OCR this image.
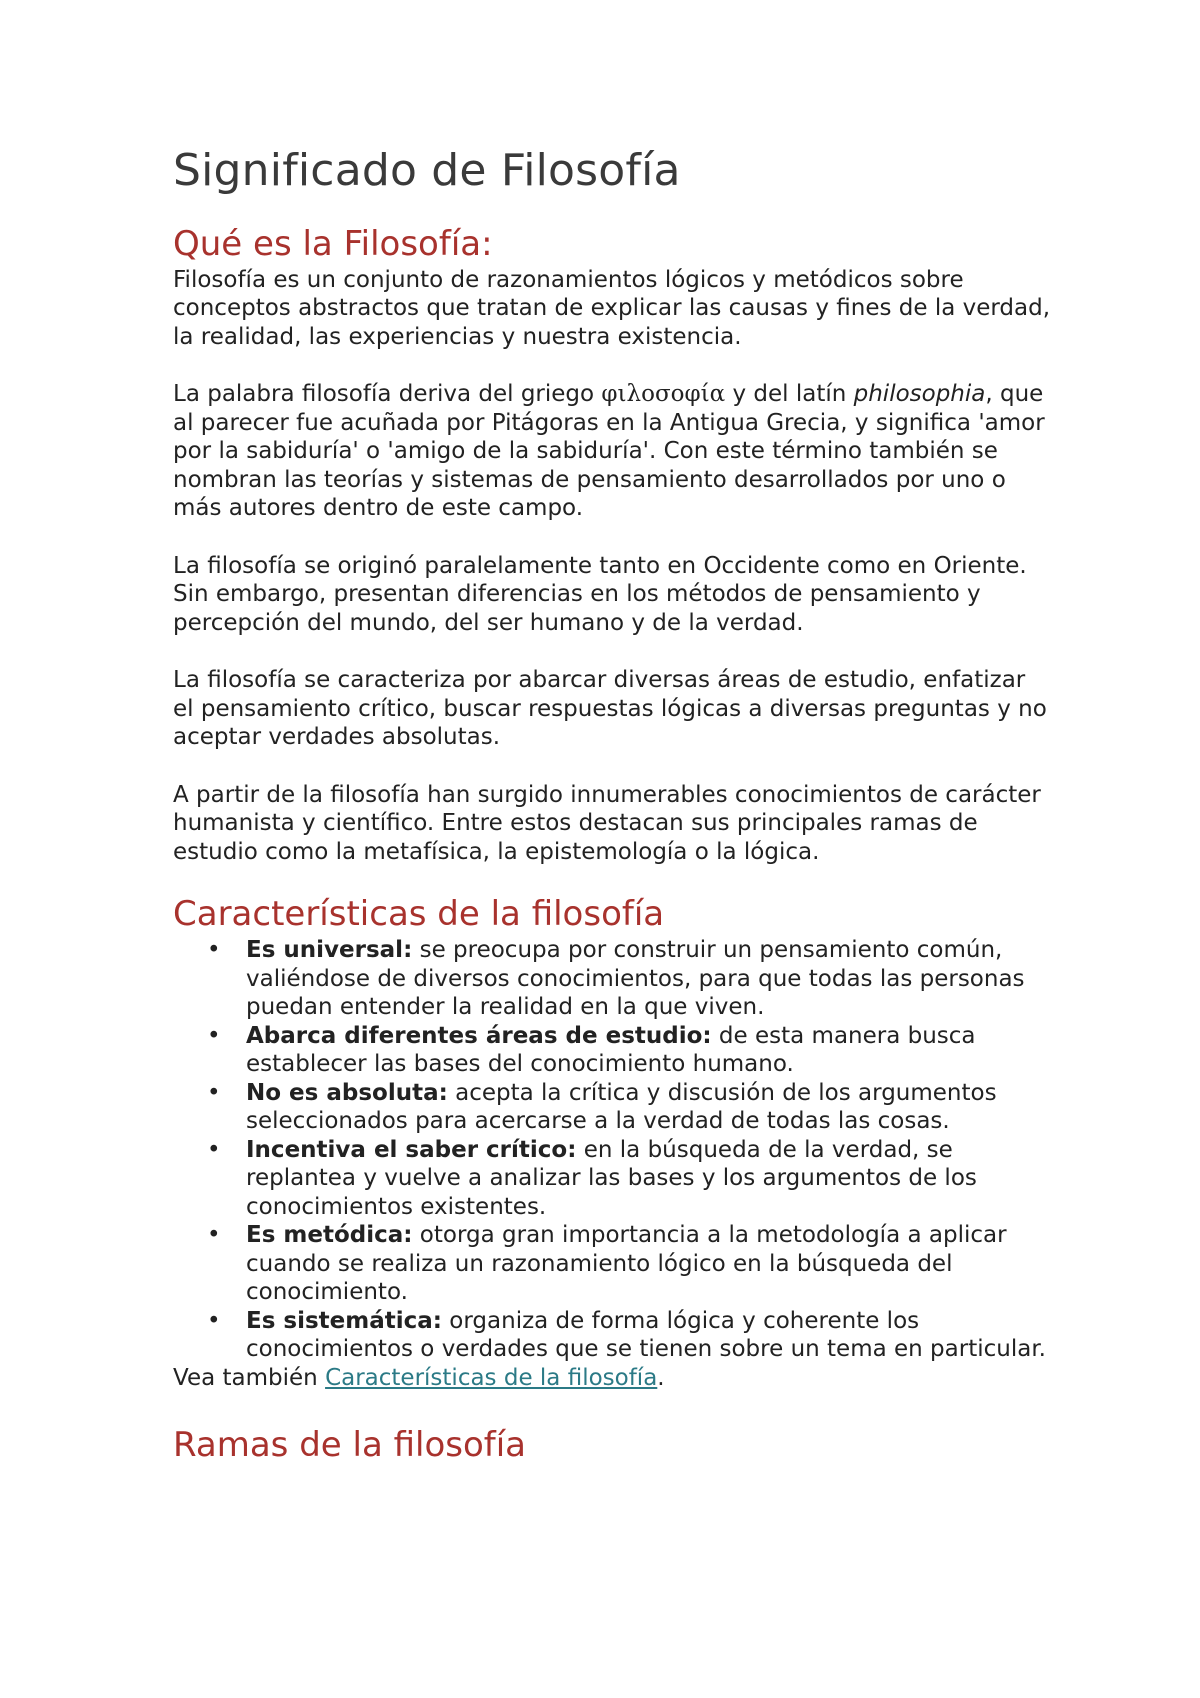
Significado de Filosofía
Qué es la Filosofía:

Filosofía es un conjunto de razonamientos lógicos y metódicos sobre conceptos abstractos que tratan de explicar las causas y fines de la verdad, la realidad, las experiencias y nuestra existencia.

La palabra filosofía deriva del griego φιλοσοφία y del latín philosophia, que al parecer fue acuñada por Pitágoras en la Antigua Grecia, y significa 'amor por la sabiduría' o 'amigo de la sabiduría'. Con este término también se nombran las teorías y sistemas de pensamiento desarrollados por uno o más autores dentro de este campo.

La filosofía se originó paralelamente tanto en Occidente como en Oriente. Sin embargo, presentan diferencias en los métodos de pensamiento y percepción del mundo, del ser humano y de la verdad.

La filosofía se caracteriza por abarcar diversas áreas de estudio, enfatizar el pensamiento crítico, buscar respuestas lógicas a diversas preguntas y no aceptar verdades absolutas.

A partir de la filosofía han surgido innumerables conocimientos de carácter humanista y científico. Entre estos destacan sus principales ramas de estudio como la metafísica, la epistemología o la lógica.

Características de la filosofía
• Es universal: se preocupa por construir un pensamiento común, valiéndose de diversos conocimientos, para que todas las personas puedan entender la realidad en la que viven.
• Abarca diferentes áreas de estudio: de esta manera busca establecer las bases del conocimiento humano.
• No es absoluta: acepta la crítica y discusión de los argumentos seleccionados para acercarse a la verdad de todas las cosas.
• Incentiva el saber crítico: en la búsqueda de la verdad, se replantea y vuelve a analizar las bases y los argumentos de los conocimientos existentes.
• Es metódica: otorga gran importancia a la metodología a aplicar cuando se realiza un razonamiento lógico en la búsqueda del conocimiento.
• Es sistemática: organiza de forma lógica y coherente los conocimientos o verdades que se tienen sobre un tema en particular.
Vea también Características de la filosofía.
Ramas de la filosofía
